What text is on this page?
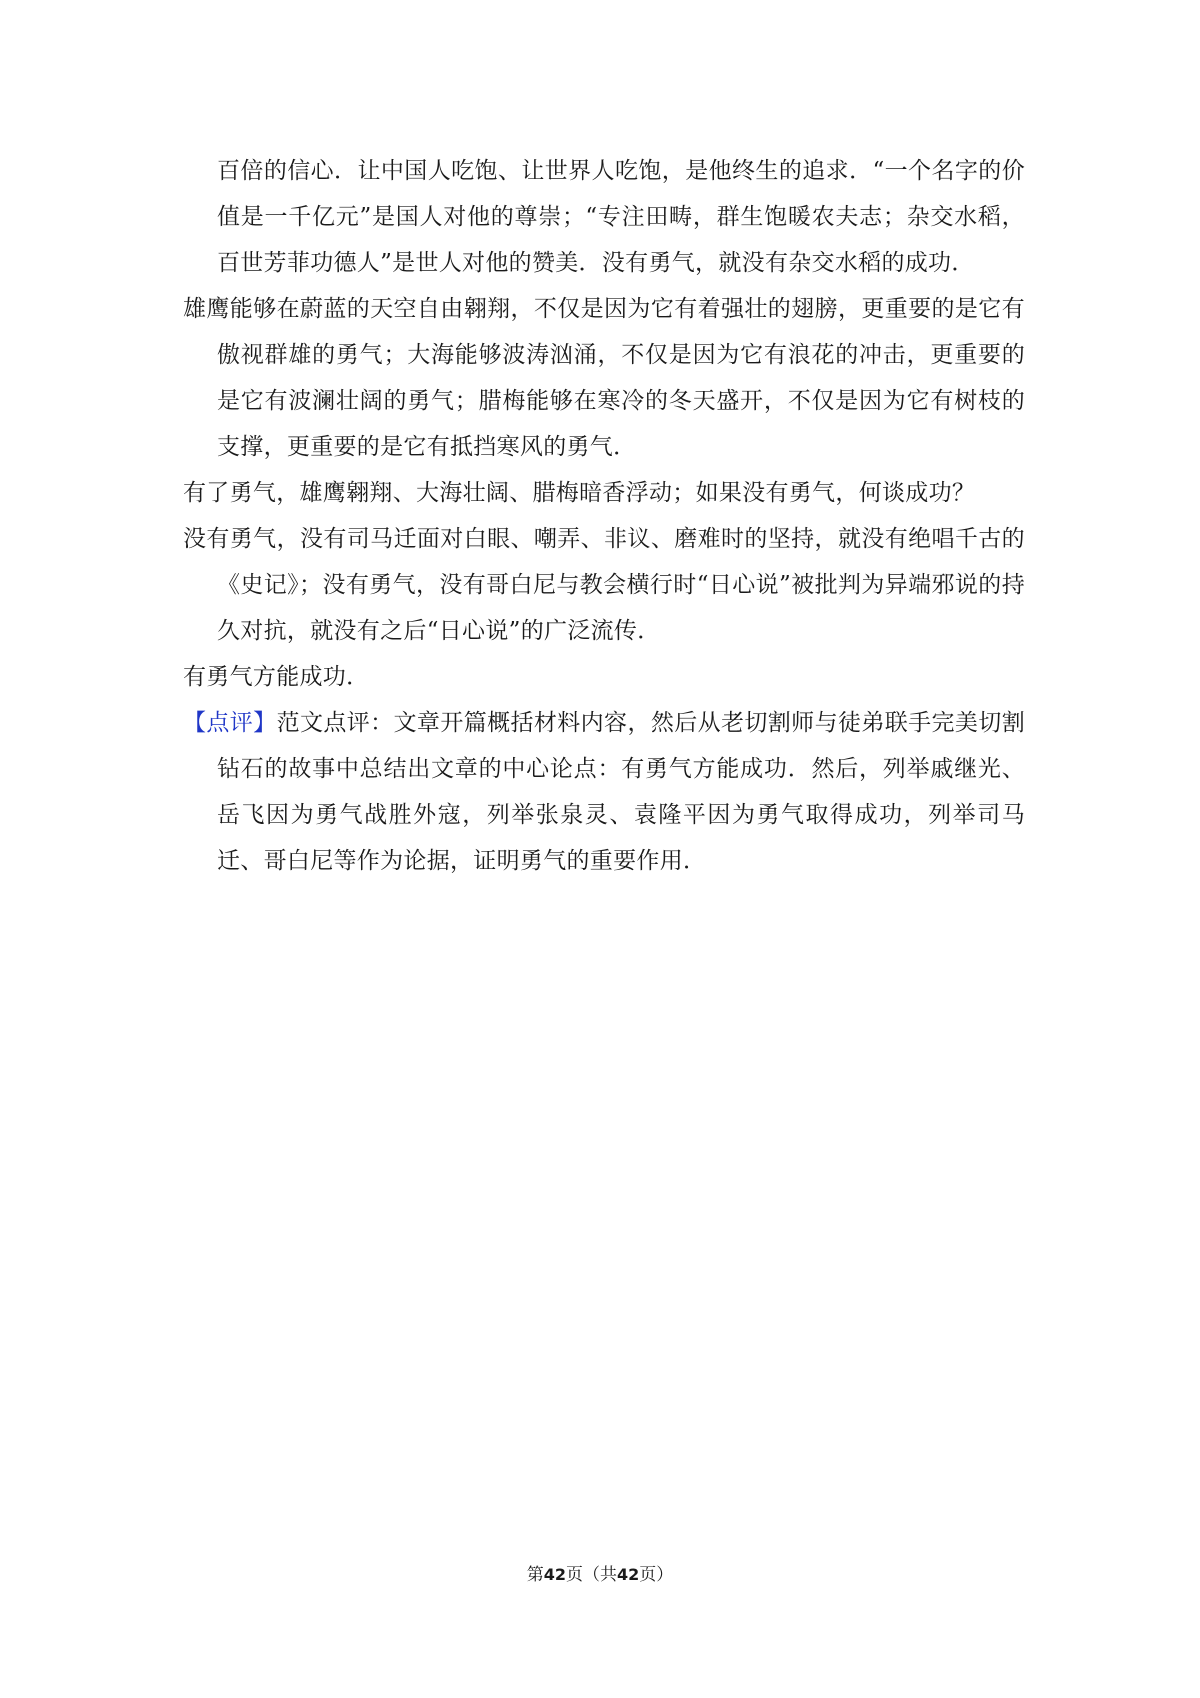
百倍的信心．让中国人吃饱、让世界人吃饱，是他终生的追求．“一个名字的价值是一千亿元”是国人对他的尊崇；“专注田畴，群生饱暖农夫志；杂交水稻，百世芳菲功德人”是世人对他的赞美．没有勇气，就没有杂交水稻的成功．

雄鹰能够在蔚蓝的天空自由翱翔，不仅是因为它有着强壮的翅膀，更重要的是它有傲视群雄的勇气；大海能够波涛汹涌，不仅是因为它有浪花的冲击，更重要的是它有波澜壮阔的勇气；腊梅能够在寒冷的冬天盛开，不仅是因为它有树枝的支撑，更重要的是它有抵挡寒风的勇气．

有了勇气，雄鹰翱翔、大海壮阔、腊梅暗香浮动；如果没有勇气，何谈成功？

没有勇气，没有司马迁面对白眼、嘲弄、非议、磨难时的坚持，就没有绝唱千古的《史记》；没有勇气，没有哥白尼与教会横行时“日心说”被批判为异端邪说的持久对抗，就没有之后“日心说”的广泛流传．

有勇气方能成功．

【点评】范文点评：文章开篇概括材料内容，然后从老切割师与徒弟联手完美切割钻石的故事中总结出文章的中心论点：有勇气方能成功．然后，列举戚继光、岳飞因为勇气战胜外寇，列举张泉灵、袁隆平因为勇气取得成功，列举司马迁、哥白尼等作为论据，证明勇气的重要作用．

第42页（共42页）
